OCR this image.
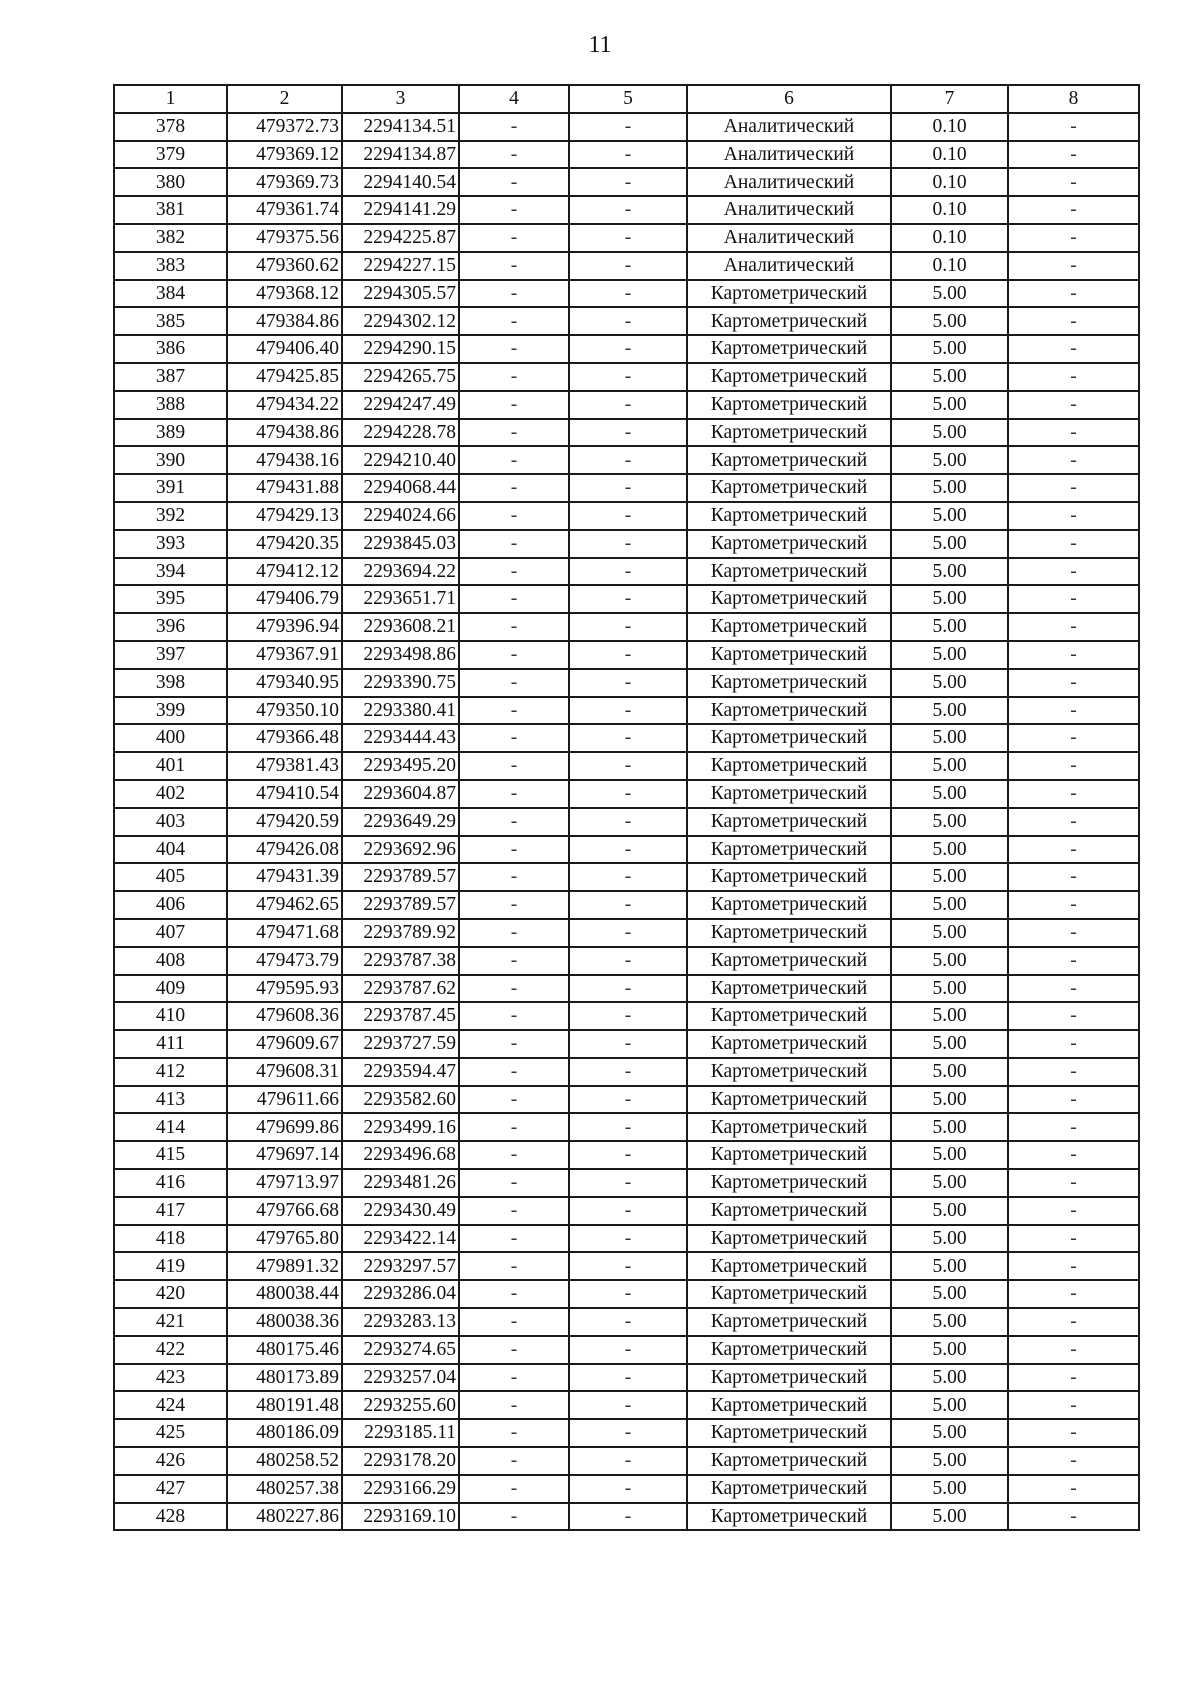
11
1	2	3	4	5	6	7	8
378	479372.73	2294134.51	-	-	Аналитический	0.10	-
379	479369.12	2294134.87	-	-	Аналитический	0.10	-
380	479369.73	2294140.54	-	-	Аналитический	0.10	-
381	479361.74	2294141.29	-	-	Аналитический	0.10	-
382	479375.56	2294225.87	-	-	Аналитический	0.10	-
383	479360.62	2294227.15	-	-	Аналитический	0.10	-
384	479368.12	2294305.57	-	-	Картометрический	5.00	-
385	479384.86	2294302.12	-	-	Картометрический	5.00	-
386	479406.40	2294290.15	-	-	Картометрический	5.00	-
387	479425.85	2294265.75	-	-	Картометрический	5.00	-
388	479434.22	2294247.49	-	-	Картометрический	5.00	-
389	479438.86	2294228.78	-	-	Картометрический	5.00	-
390	479438.16	2294210.40	-	-	Картометрический	5.00	-
391	479431.88	2294068.44	-	-	Картометрический	5.00	-
392	479429.13	2294024.66	-	-	Картометрический	5.00	-
393	479420.35	2293845.03	-	-	Картометрический	5.00	-
394	479412.12	2293694.22	-	-	Картометрический	5.00	-
395	479406.79	2293651.71	-	-	Картометрический	5.00	-
396	479396.94	2293608.21	-	-	Картометрический	5.00	-
397	479367.91	2293498.86	-	-	Картометрический	5.00	-
398	479340.95	2293390.75	-	-	Картометрический	5.00	-
399	479350.10	2293380.41	-	-	Картометрический	5.00	-
400	479366.48	2293444.43	-	-	Картометрический	5.00	-
401	479381.43	2293495.20	-	-	Картометрический	5.00	-
402	479410.54	2293604.87	-	-	Картометрический	5.00	-
403	479420.59	2293649.29	-	-	Картометрический	5.00	-
404	479426.08	2293692.96	-	-	Картометрический	5.00	-
405	479431.39	2293789.57	-	-	Картометрический	5.00	-
406	479462.65	2293789.57	-	-	Картометрический	5.00	-
407	479471.68	2293789.92	-	-	Картометрический	5.00	-
408	479473.79	2293787.38	-	-	Картометрический	5.00	-
409	479595.93	2293787.62	-	-	Картометрический	5.00	-
410	479608.36	2293787.45	-	-	Картометрический	5.00	-
411	479609.67	2293727.59	-	-	Картометрический	5.00	-
412	479608.31	2293594.47	-	-	Картометрический	5.00	-
413	479611.66	2293582.60	-	-	Картометрический	5.00	-
414	479699.86	2293499.16	-	-	Картометрический	5.00	-
415	479697.14	2293496.68	-	-	Картометрический	5.00	-
416	479713.97	2293481.26	-	-	Картометрический	5.00	-
417	479766.68	2293430.49	-	-	Картометрический	5.00	-
418	479765.80	2293422.14	-	-	Картометрический	5.00	-
419	479891.32	2293297.57	-	-	Картометрический	5.00	-
420	480038.44	2293286.04	-	-	Картометрический	5.00	-
421	480038.36	2293283.13	-	-	Картометрический	5.00	-
422	480175.46	2293274.65	-	-	Картометрический	5.00	-
423	480173.89	2293257.04	-	-	Картометрический	5.00	-
424	480191.48	2293255.60	-	-	Картометрический	5.00	-
425	480186.09	2293185.11	-	-	Картометрический	5.00	-
426	480258.52	2293178.20	-	-	Картометрический	5.00	-
427	480257.38	2293166.29	-	-	Картометрический	5.00	-
428	480227.86	2293169.10	-	-	Картометрический	5.00	-
